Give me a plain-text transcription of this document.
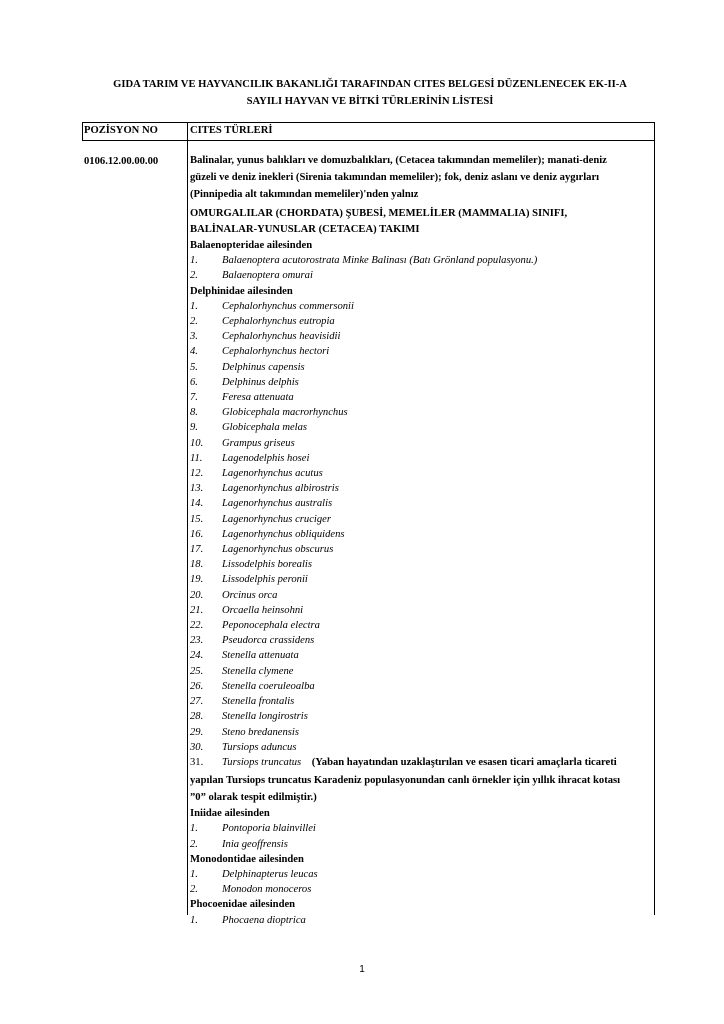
GIDA TARIM VE HAYVANCILIK BAKANLIĞI TARAFINDAN CITES BELGESİ DÜZENLENECEK EK-II-A
SAYILI HAYVAN VE BİTKİ TÜRLERİNİN LİSTESİ
POZİSYON NO	CITES TÜRLERİ
0106.12.00.00.00	Balinalar, yunus balıkları ve domuzbalıkları, (Cetacea takımından memeliler); manati-deniz
güzeli ve deniz inekleri (Sirenia takımından memeliler); fok, deniz aslanı ve deniz aygırları
(Pinnipedia alt takımından memeliler)'nden yalnız
OMURGALILAR (CHORDATA) ŞUBESİ, MEMELİLER (MAMMALIA) SINIFI,
BALİNALAR-YUNUSLAR (CETACEA) TAKIMI
Balaenopteridae ailesinden
1. Balaenoptera acutorostrata Minke Balinası (Batı Grönland populasyonu.)
2. Balaenoptera omurai
Delphinidae ailesinden
1. Cephalorhynchus commersonii
2. Cephalorhynchus eutropia
3. Cephalorhynchus heavisidii
4. Cephalorhynchus hectori
5. Delphinus capensis
6. Delphinus delphis
7. Feresa attenuata
8. Globicephala macrorhynchus
9. Globicephala melas
10. Grampus griseus
11. Lagenodelphis hosei
12. Lagenorhynchus acutus
13. Lagenorhynchus albirostris
14. Lagenorhynchus australis
15. Lagenorhynchus cruciger
16. Lagenorhynchus obliquidens
17. Lagenorhynchus obscurus
18. Lissodelphis borealis
19. Lissodelphis peronii
20. Orcinus orca
21. Orcaella heinsohni
22. Peponocephala electra
23. Pseudorca crassidens
24. Stenella attenuata
25. Stenella clymene
26. Stenella coeruleoalba
27. Stenella frontalis
28. Stenella longirostris
29. Steno bredanensis
30. Tursiops aduncus
31. Tursiops truncatus (Yaban hayatından uzaklaştırılan ve esasen ticari amaçlarla ticareti
yapılan Tursiops truncatus Karadeniz populasyonundan canlı örnekler için yıllık ihracat kotası
”0” olarak tespit edilmiştir.)
Iniidae ailesinden
1. Pontoporia blainvillei
2. Inia geoffrensis
Monodontidae ailesinden
1. Delphinapterus leucas
2. Monodon monoceros
Phocoenidae ailesinden
1. Phocaena dioptrica
1
